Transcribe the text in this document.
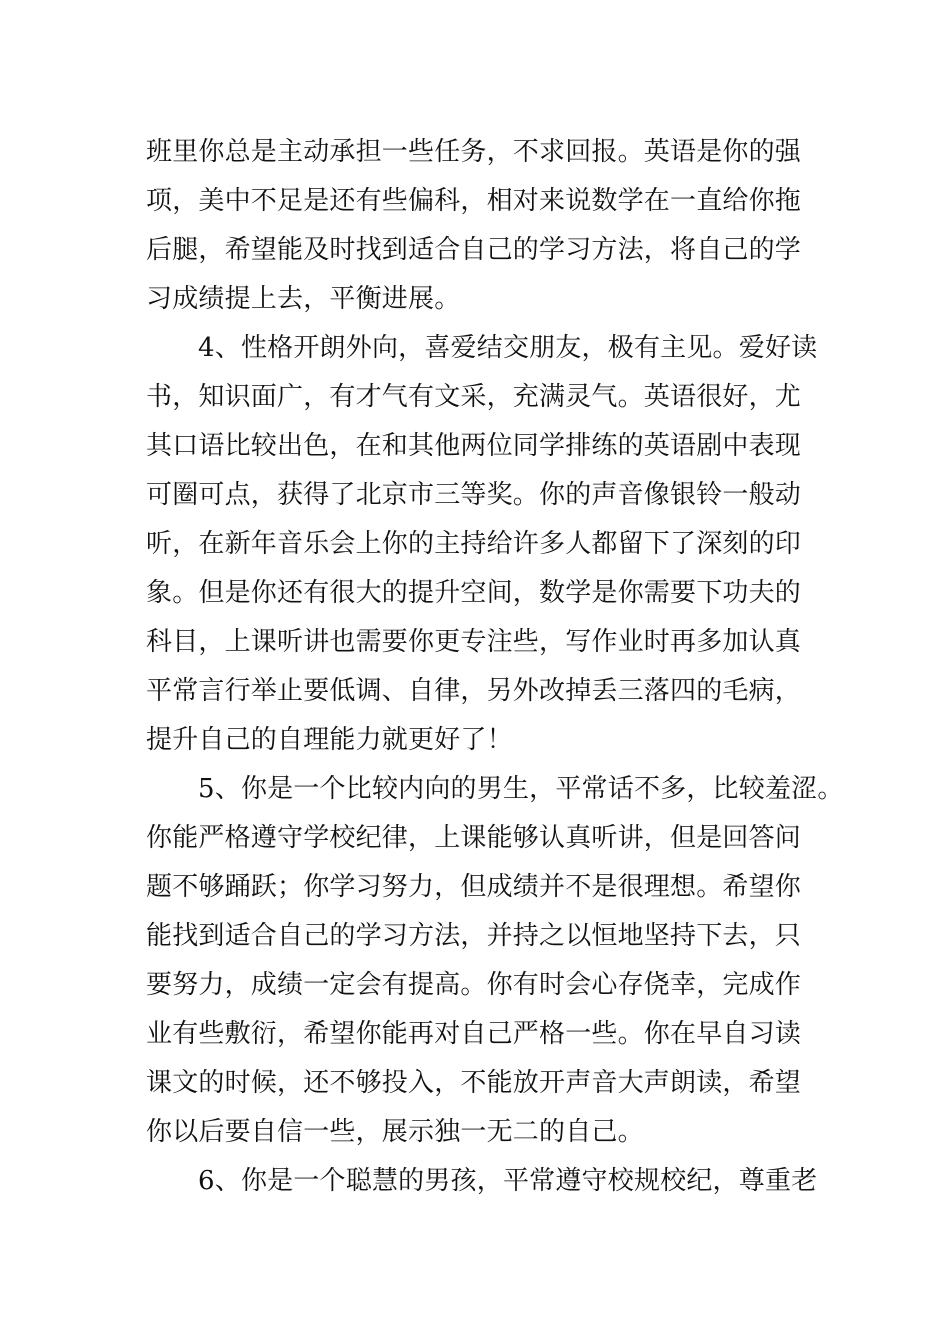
班里你总是主动承担一些任务，不求回报。英语是你的强
项，美中不足是还有些偏科，相对来说数学在一直给你拖
后腿，希望能及时找到适合自己的学习方法，将自己的学
习成绩提上去，平衡进展。
4、性格开朗外向，喜爱结交朋友，极有主见。爱好读
书，知识面广，有才气有文采，充满灵气。英语很好，尤
其口语比较出色，在和其他两位同学排练的英语剧中表现
可圈可点，获得了北京市三等奖。你的声音像银铃一般动
听，在新年音乐会上你的主持给许多人都留下了深刻的印
象。但是你还有很大的提升空间，数学是你需要下功夫的
科目，上课听讲也需要你更专注些，写作业时再多加认真
平常言行举止要低调、自律，另外改掉丢三落四的毛病，
提升自己的自理能力就更好了！
5、你是一个比较内向的男生，平常话不多，比较羞涩。
你能严格遵守学校纪律，上课能够认真听讲，但是回答问
题不够踊跃；你学习努力，但成绩并不是很理想。希望你
能找到适合自己的学习方法，并持之以恒地坚持下去，只
要努力，成绩一定会有提高。你有时会心存侥幸，完成作
业有些敷衍，希望你能再对自己严格一些。你在早自习读
课文的时候，还不够投入，不能放开声音大声朗读，希望
你以后要自信一些，展示独一无二的自己。
6、你是一个聪慧的男孩，平常遵守校规校纪，尊重老
